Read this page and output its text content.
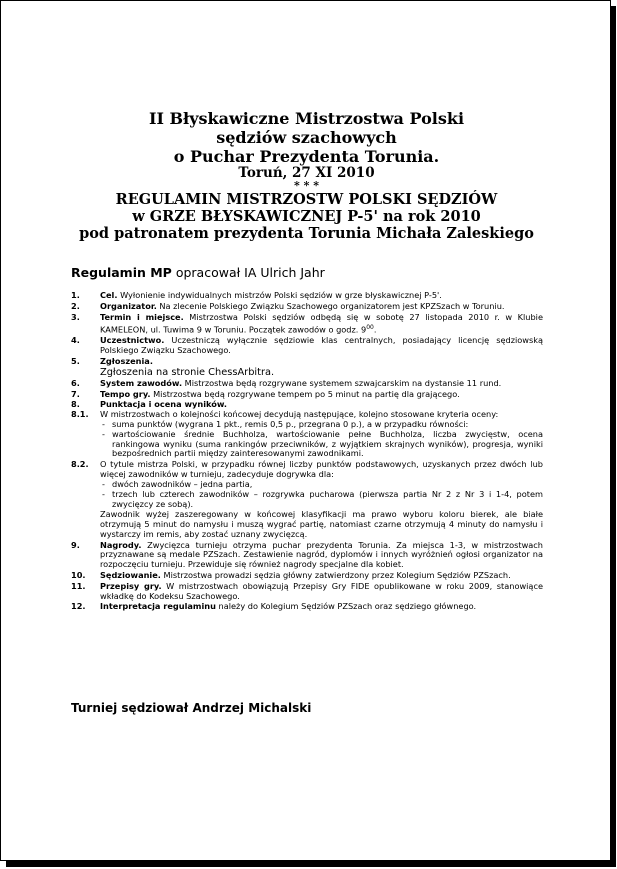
II Błyskawiczne Mistrzostwa Polski
sędziów szachowych
o Puchar Prezydenta Torunia.
Toruń, 27 XI 2010
* * *
REGULAMIN MISTRZOSTW POLSKI SĘDZIÓW
w GRZE BŁYSKAWICZNEJ P-5' na rok 2010
pod patronatem prezydenta Torunia Michała Zaleskiego
Regulamin MP opracował IA Ulrich Jahr
1. Cel. Wyłonienie indywidualnych mistrzów Polski sędziów w grze błyskawicznej P-5'.

2. Organizator. Na zlecenie Polskiego Związku Szachowego organizatorem jest KPZSzach w Toruniu.

3. Termin i miejsce. Mistrzostwa Polski sędziów odbędą się w sobotę 27 listopada 2010 r. w Klubie KAMELEON, ul. Tuwima 9 w Toruniu. Początek zawodów o godz. $9^{00}$.

4. Uczestnictwo. Uczestniczą wyłącznie sędziowie klas centralnych, posiadający licencję sędziowską Polskiego Związku Szachowego.

5. Zgłoszenia.

Zgłoszenia na stronie ChessArbitra.

6. System zawodów. Mistrzostwa będą rozgrywane systemem szwajcarskim na dystansie 11 rund.

7. Tempo gry. Mistrzostwa będą rozgrywane tempem po 5 minut na partię dla grającego.

8. Punktacja i ocena wyników.

8.1. W mistrzostwach o kolejności końcowej decydują następujące, kolejno stosowane kryteria oceny:

- suma punktów (wygrana 1 pkt., remis 0,5 p., przegrana 0 p.), a w przypadku równości:

- wartościowanie średnie Buchholza, wartościowanie pełne Buchholza, liczba zwycięstw, ocena rankingowa wyniku (suma rankingów przeciwników, z wyjątkiem skrajnych wyników), progresja, wyniki bezpośrednich partii między zainteresowanymi zawodnikami.

8.2. O tytule mistrza Polski, w przypadku równej liczby punktów podstawowych, uzyskanych przez dwóch lub więcej zawodników w turnieju, zadecyduje dogrywka dla:

- dwóch zawodników – jedna partia,

- trzech lub czterech zawodników – rozgrywka pucharowa (pierwsza partia Nr 2 z Nr 3 i 1-4, potem zwycięzcy ze sobą).

Zawodnik wyżej zaszeregowany w końcowej klasyfikacji ma prawo wyboru koloru bierek, ale białe otrzymują 5 minut do namysłu i muszą wygrać partię, natomiast czarne otrzymują 4 minuty do namysłu i wystarczy im remis, aby zostać uznany zwycięzcą.

9. Nagrody. Zwycięzca turnieju otrzyma puchar prezydenta Torunia. Za miejsca 1-3, w mistrzostwach przyznawane są medale PZSzach. Zestawienie nagród, dyplomów i innych wyróżnień ogłosi organizator na rozpoczęciu turnieju. Przewiduje się również nagrody specjalne dla kobiet.

10. Sędziowanie. Mistrzostwa prowadzi sędzia główny zatwierdzony przez Kolegium Sędziów PZSzach.

11. Przepisy gry. W mistrzostwach obowiązują Przepisy Gry FIDE opublikowane w roku 2009, stanowiące wkładkę do Kodeksu Szachowego.

12. Interpretacja regulaminu należy do Kolegium Sędziów PZSzach oraz sędziego głównego.

Turniej sędziował Andrzej Michalski
